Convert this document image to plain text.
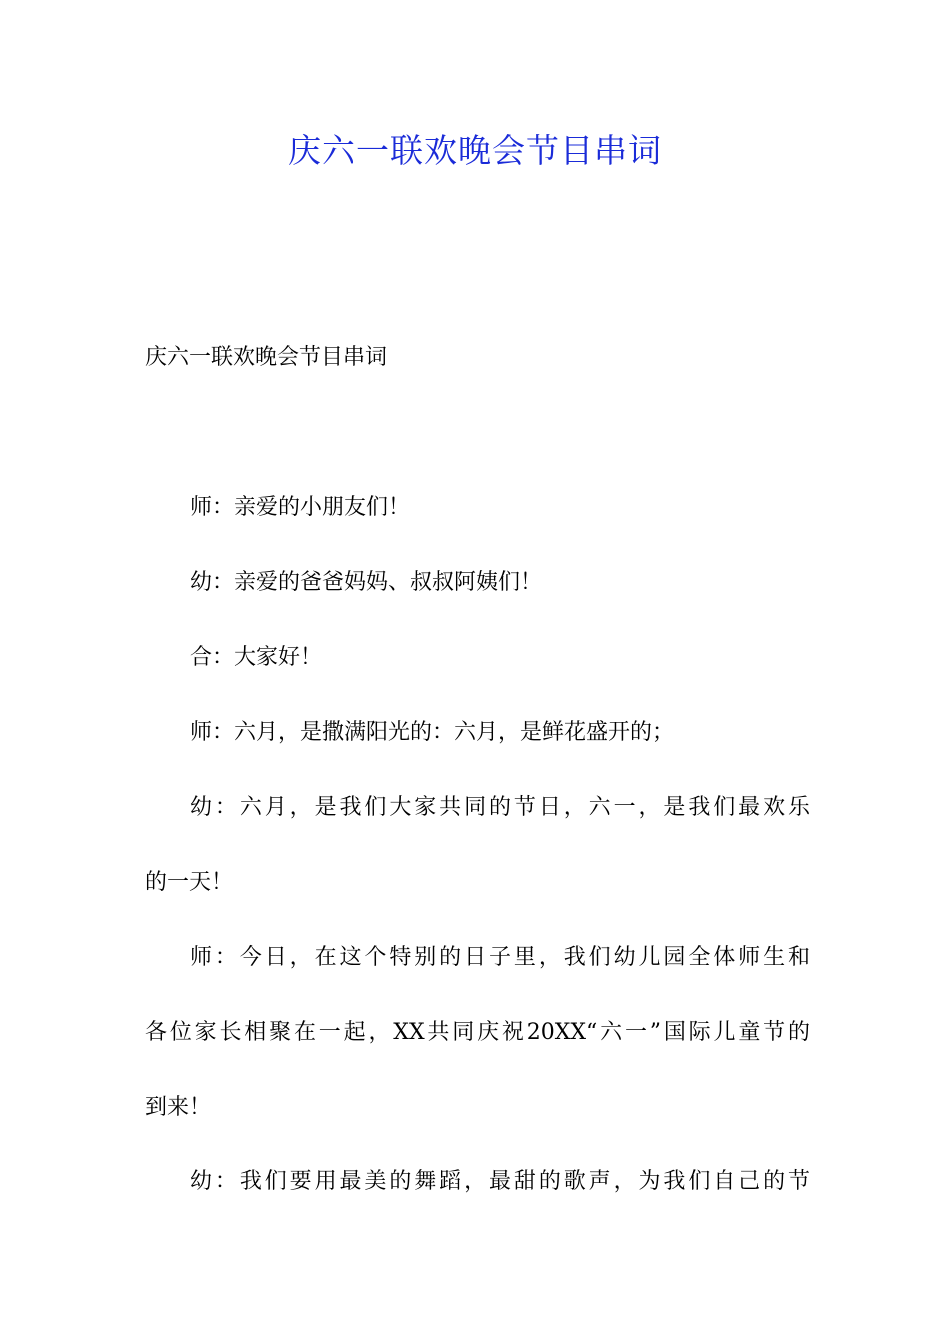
庆六一联欢晚会节目串词

庆六一联欢晚会节目串词

师：亲爱的小朋友们！

幼：亲爱的爸爸妈妈、叔叔阿姨们！

合：大家好！

师：六月，是撒满阳光的：六月，是鲜花盛开的；

幼：六月，是我们大家共同的节日，六一，是我们最欢乐

的一天！

师：今日，在这个特别的日子里，我们幼儿园全体师生和

各位家长相聚在一起，XX共同庆祝20XX“六一”国际儿童节的

到来！

幼：我们要用最美的舞蹈，最甜的歌声，为我们自己的节
